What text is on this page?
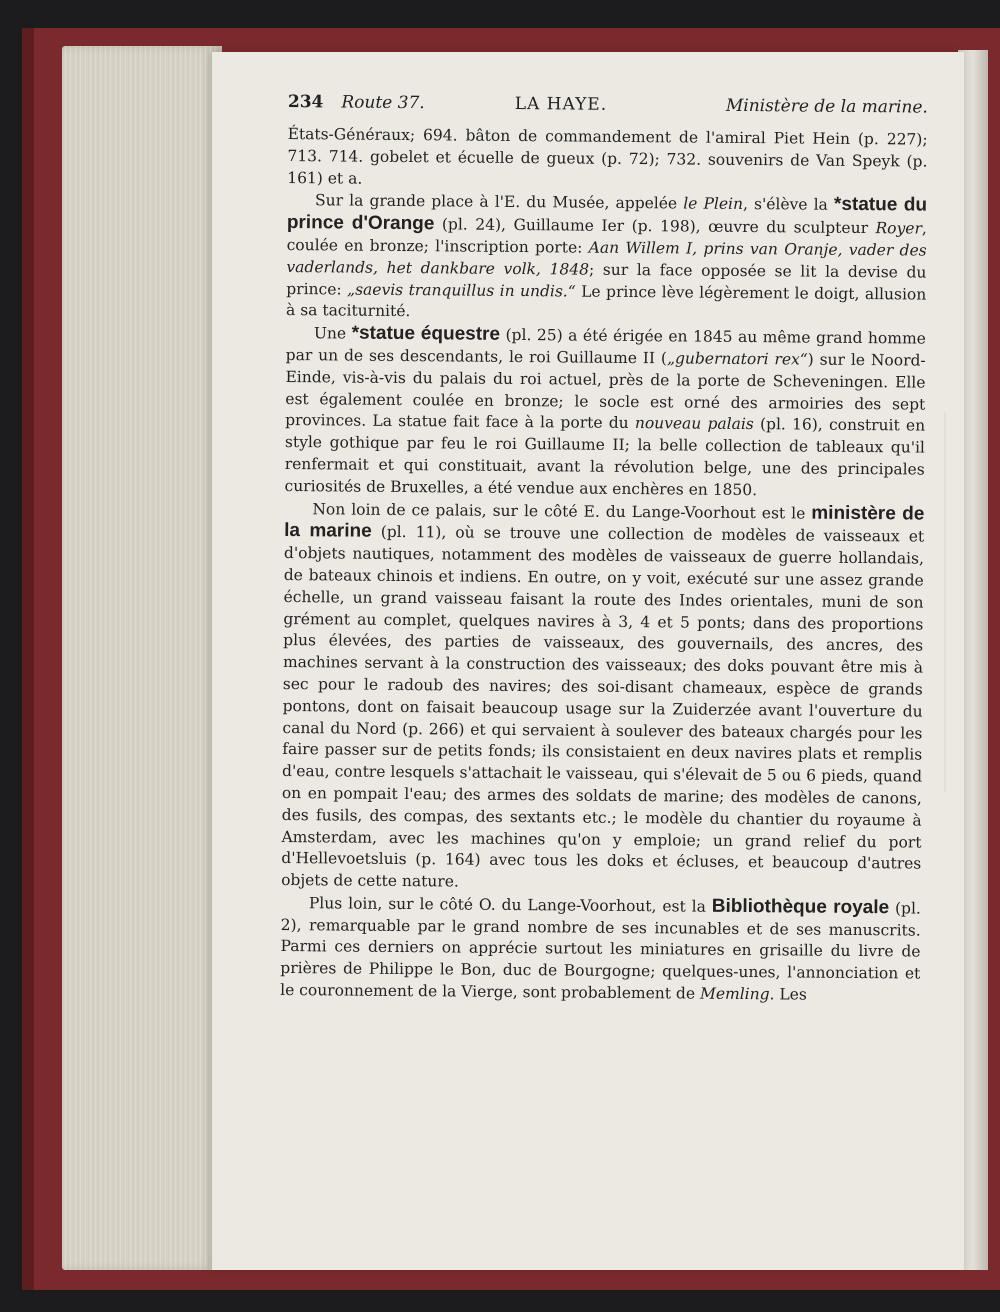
234 Route 37.	LA HAYE.	Ministère de la marine.

États-Généraux; 694. bâton de commandement de l'amiral Piet Hein (p. 227); 713. 714. gobelet et écuelle de gueux (p. 72); 732. souvenirs de Van Speyk (p. 161) et a.

Sur la grande place à l'E. du Musée, appelée le Plein, s'élève la *statue du prince d'Orange (pl. 24), Guillaume Ier (p. 198), œuvre du sculpteur Royer, coulée en bronze; l'inscription porte: Aan Willem I, prins van Oranje, vader des vaderlands, het dankbare volk, 1848; sur la face opposée se lit la devise du prince: „saevis tranquillus in undis.“ Le prince lève légèrement le doigt, allusion à sa taciturnité.

Une *statue équestre (pl. 25) a été érigée en 1845 au même grand homme par un de ses descendants, le roi Guillaume II („gubernatori rex“) sur le Noord-Einde, vis-à-vis du palais du roi actuel, près de la porte de Scheveningen. Elle est également coulée en bronze; le socle est orné des armoiries des sept provinces. La statue fait face à la porte du nouveau palais (pl. 16), construit en style gothique par feu le roi Guillaume II; la belle collection de tableaux qu'il renfermait et qui constituait, avant la révolution belge, une des principales curiosités de Bruxelles, a été vendue aux enchères en 1850.

Non loin de ce palais, sur le côté E. du Lange-Voorhout est le ministère de la marine (pl. 11), où se trouve une collection de modèles de vaisseaux et d'objets nautiques, notamment des modèles de vaisseaux de guerre hollandais, de bateaux chinois et indiens. En outre, on y voit, exécuté sur une assez grande échelle, un grand vaisseau faisant la route des Indes orientales, muni de son grément au complet, quelques navires à 3, 4 et 5 ponts; dans des proportions plus élevées, des parties de vaisseaux, des gouvernails, des ancres, des machines servant à la construction des vaisseaux; des doks pouvant être mis à sec pour le radoub des navires; des soi-disant chameaux, espèce de grands pontons, dont on faisait beaucoup usage sur la Zuiderzée avant l'ouverture du canal du Nord (p. 266) et qui servaient à soulever des bateaux chargés pour les faire passer sur de petits fonds; ils consistaient en deux navires plats et remplis d'eau, contre lesquels s'attachait le vaisseau, qui s'élevait de 5 ou 6 pieds, quand on en pompait l'eau; des armes des soldats de marine; des modèles de canons, des fusils, des compas, des sextants etc.; le modèle du chantier du royaume à Amsterdam, avec les machines qu'on y emploie; un grand relief du port d'Hellevoetsluis (p. 164) avec tous les doks et écluses, et beaucoup d'autres objets de cette nature.

Plus loin, sur le côté O. du Lange-Voorhout, est la Bibliothèque royale (pl. 2), remarquable par le grand nombre de ses incunables et de ses manuscrits. Parmi ces derniers on apprécie surtout les miniatures en grisaille du livre de prières de Philippe le Bon, duc de Bourgogne; quelques-unes, l'annonciation et le couronnement de la Vierge, sont probablement de Memling. Les
